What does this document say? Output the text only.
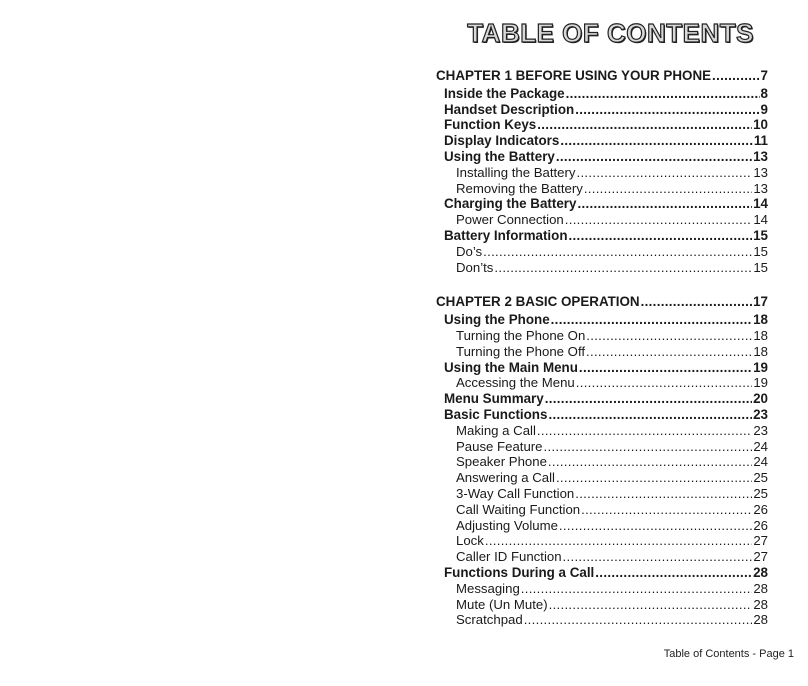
TABLE OF CONTENTS
CHAPTER 1 BEFORE USING YOUR PHONE .....	7
Inside the Package .....	8
Handset Description .....	9
Function Keys .....	10
Display Indicators .....	11
Using the Battery .....	13
Installing the Battery .....	13
Removing the Battery .....	13
Charging the Battery .....	14
Power Connection .....	14
Battery Information .....	15
Do’s .....	15
Don’ts .....	15
CHAPTER 2 BASIC OPERATION .....	17
Using the Phone .....	18
Turning the Phone On .....	18
Turning the Phone Off .....	18
Using the Main Menu .....	19
Accessing the Menu .....	19
Menu Summary .....	20
Basic Functions .....	23
Making a Call .....	23
Pause Feature .....	24
Speaker Phone .....	24
Answering a Call .....	25
3-Way Call Function .....	25
Call Waiting Function .....	26
Adjusting Volume .....	26
Lock .....	27
Caller ID Function .....	27
Functions During a Call .....	28
Messaging .....	28
Mute (Un Mute) .....	28
Scratchpad .....	28
Table of Contents - Page 1
